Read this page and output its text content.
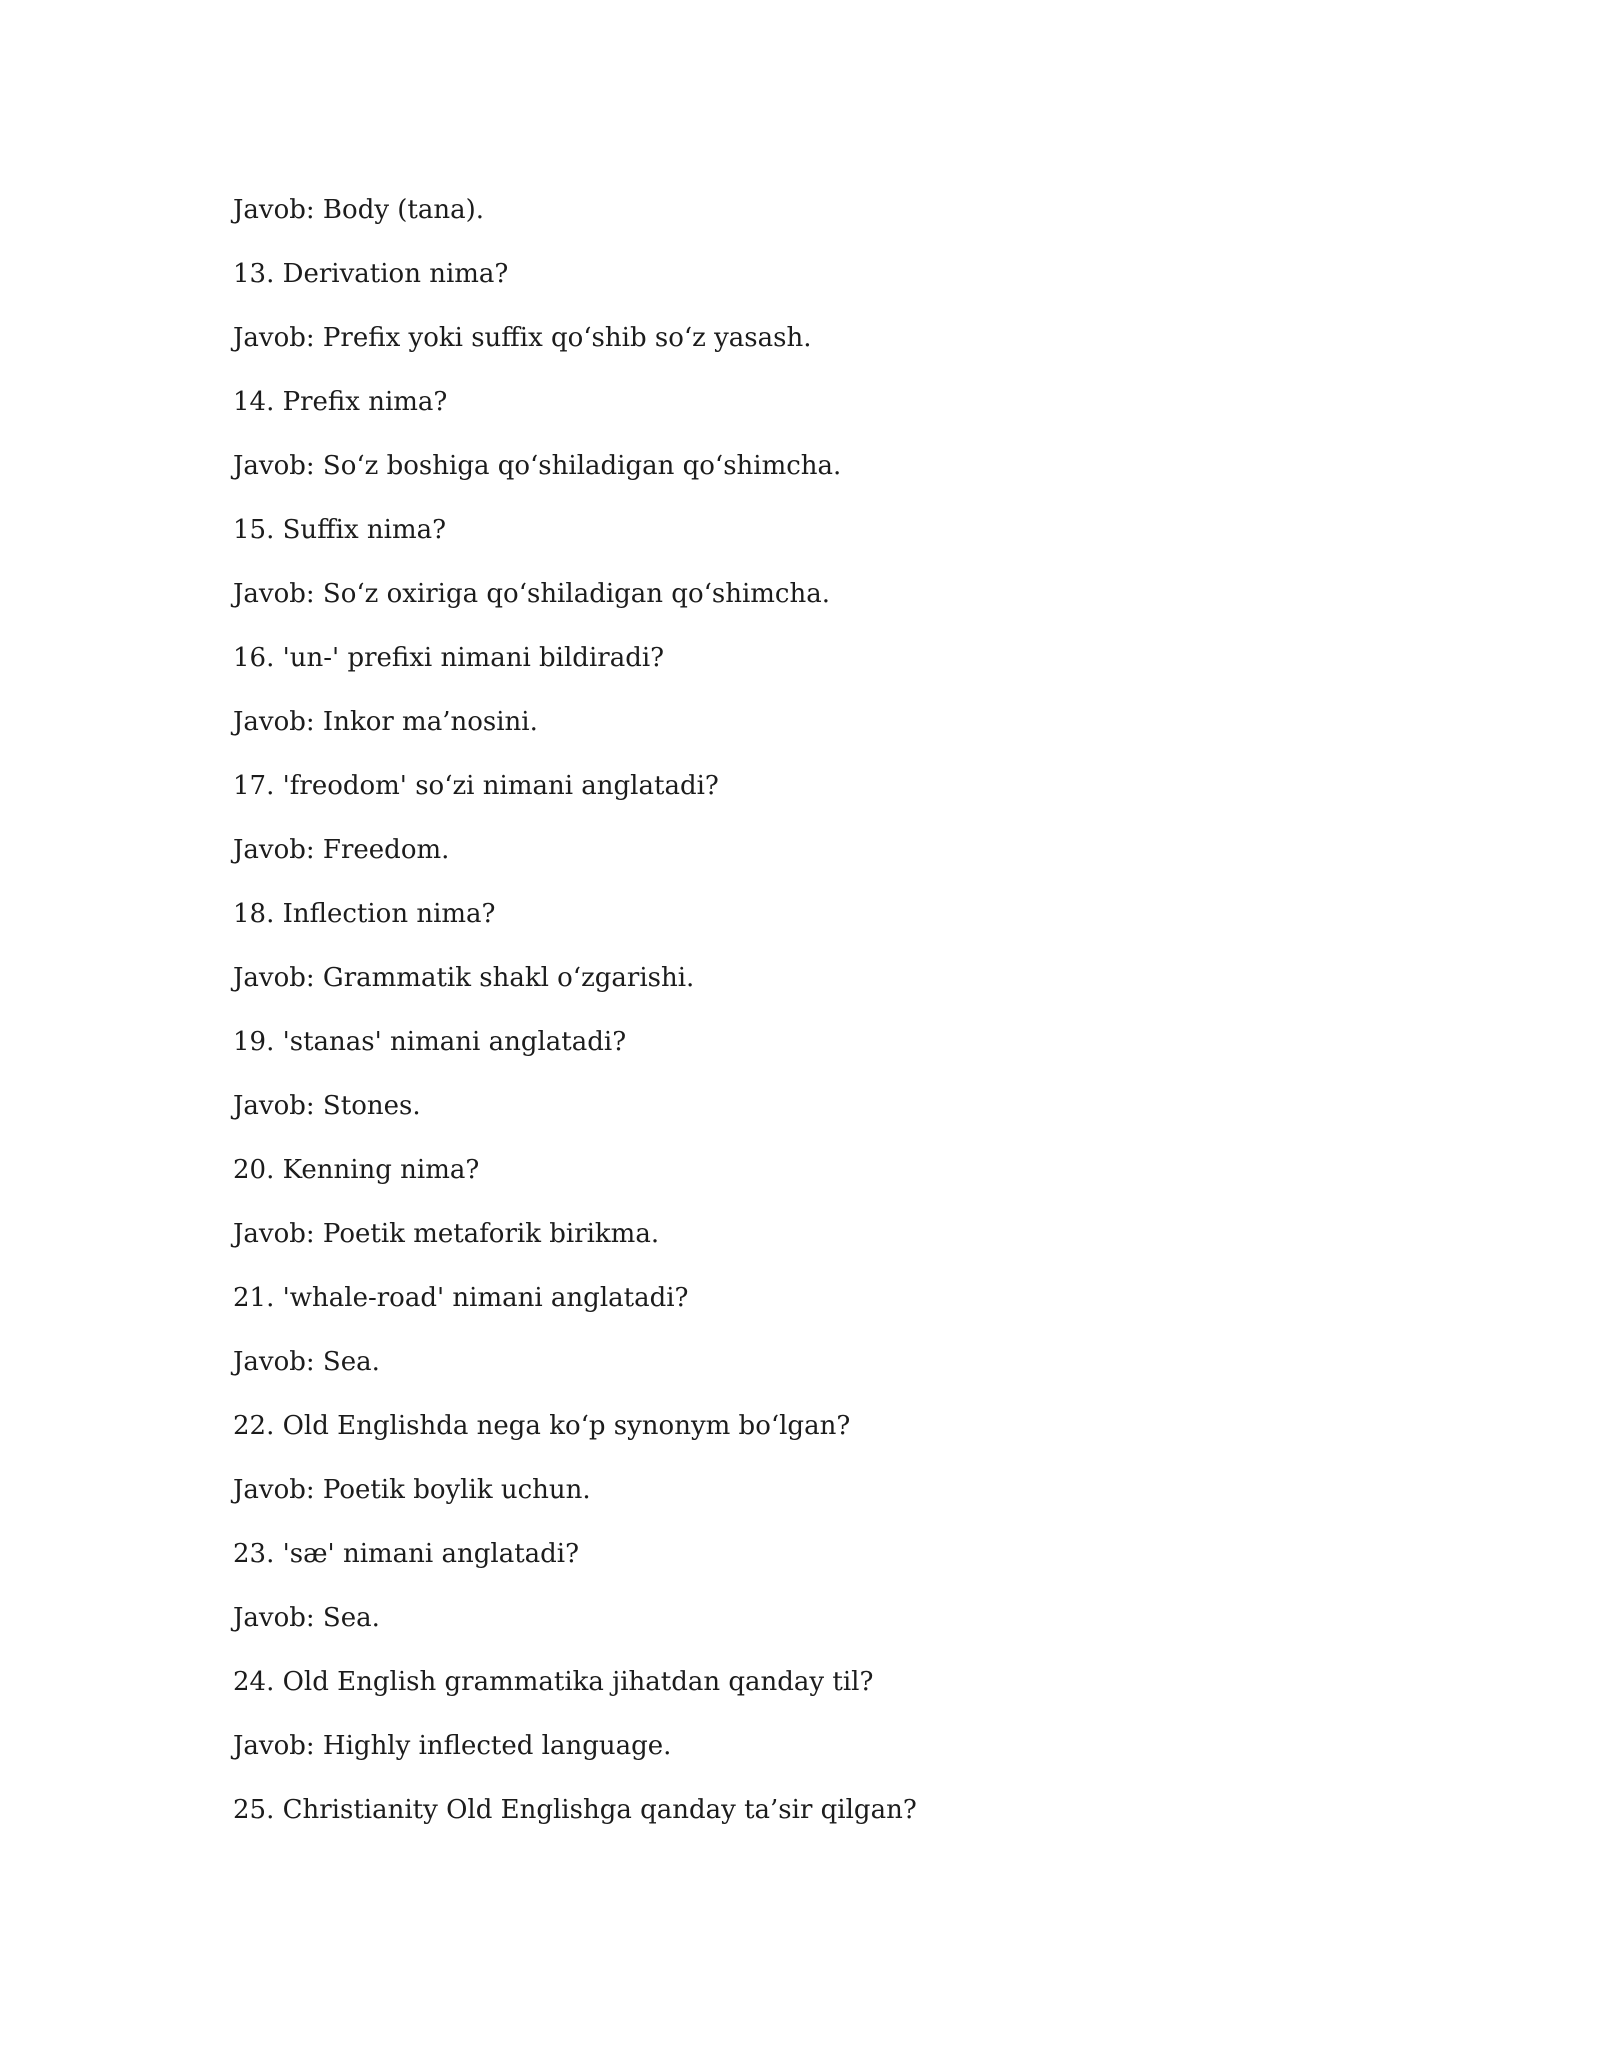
Javob: Body (tana).
13. Derivation nima?
Javob: Prefix yoki suffix qo‘shib so‘z yasash.
14. Prefix nima?
Javob: So‘z boshiga qo‘shiladigan qo‘shimcha.
15. Suffix nima?
Javob: So‘z oxiriga qo‘shiladigan qo‘shimcha.
16. 'un-' prefixi nimani bildiradi?
Javob: Inkor ma’nosini.
17. 'freodom' so‘zi nimani anglatadi?
Javob: Freedom.
18. Inflection nima?
Javob: Grammatik shakl o‘zgarishi.
19. 'stanas' nimani anglatadi?
Javob: Stones.
20. Kenning nima?
Javob: Poetik metaforik birikma.
21. 'whale-road' nimani anglatadi?
Javob: Sea.
22. Old Englishda nega ko‘p synonym bo‘lgan?
Javob: Poetik boylik uchun.
23. 'sæ' nimani anglatadi?
Javob: Sea.
24. Old English grammatika jihatdan qanday til?
Javob: Highly inflected language.
25. Christianity Old Englishga qanday ta’sir qilgan?
